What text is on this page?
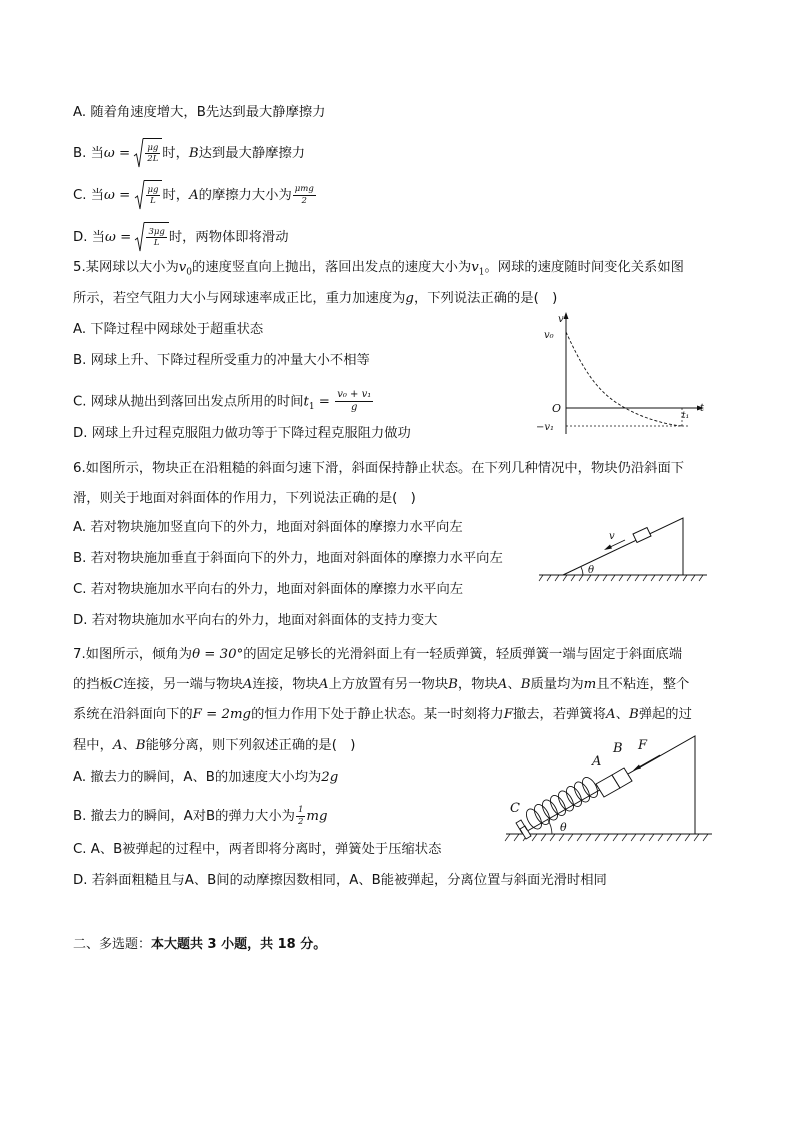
A. 随着角速度增大，B先达到最大静摩擦力
B. 当$\omega = \frac{\mu g}{2L}$ 时，B达到最大静摩擦力
C. 当$\omega = \frac{\mu g}{L}$ 时，A的摩擦力大小为 $\frac{\text{μmg}}{2}$
D. 当$\omega = \frac{3\mu g}{L}$ 时，两物体即将滑动
5.某网球以大小为$v_0$的速度竖直向上抛出，落回出发点的速度大小为$v_1$。网球的速度随时间变化关系如图
所示，若空气阻力大小与网球速率成正比，重力加速度为g，下列说法正确的是(　)
A. 下降过程中网球处于超重状态
B. 网球上升、下降过程所受重力的冲量大小不相等
C. 网球从抛出到落回出发点所用的时间$t_1 = \frac{\text{v₀ + v₁}}{g}$
D. 网球上升过程克服阻力做功等于下降过程克服阻力做功
v
v₀
O
−v₁
t₁
t
6.如图所示，物块正在沿粗糙的斜面匀速下滑，斜面保持静止状态。在下列几种情况中，物块仍沿斜面下
滑，则关于地面对斜面体的作用力，下列说法正确的是(　)
A. 若对物块施加竖直向下的外力，地面对斜面体的摩擦力水平向左
B. 若对物块施加垂直于斜面向下的外力，地面对斜面体的摩擦力水平向左
C. 若对物块施加水平向右的外力，地面对斜面体的摩擦力水平向左
D. 若对物块施加水平向右的外力，地面对斜面体的支持力变大
v
θ
7.如图所示，倾角为θ = 30°的固定足够长的光滑斜面上有一轻质弹簧，轻质弹簧一端与固定于斜面底端
的挡板C连接，另一端与物块A连接，物块A上方放置有另一物块B，物块A、B质量均为m且不粘连，整个
系统在沿斜面向下的F = 2mg的恒力作用下处于静止状态。某一时刻将力F撤去，若弹簧将A、B弹起的过
程中，A、B能够分离，则下列叙述正确的是(　)
A. 撤去力的瞬间，A、B的加速度大小均为2g
B. 撤去力的瞬间，A对B的弹力大小为 $\frac{1}{2}$ mg
C. A、B被弹起的过程中，两者即将分离时，弹簧处于压缩状态
D. 若斜面粗糙且与A、B间的动摩擦因数相同，A、B能被弹起，分离位置与斜面光滑时相同
A
B F
C
θ
二、多选题：本大题共 3 小题，共 18 分。
